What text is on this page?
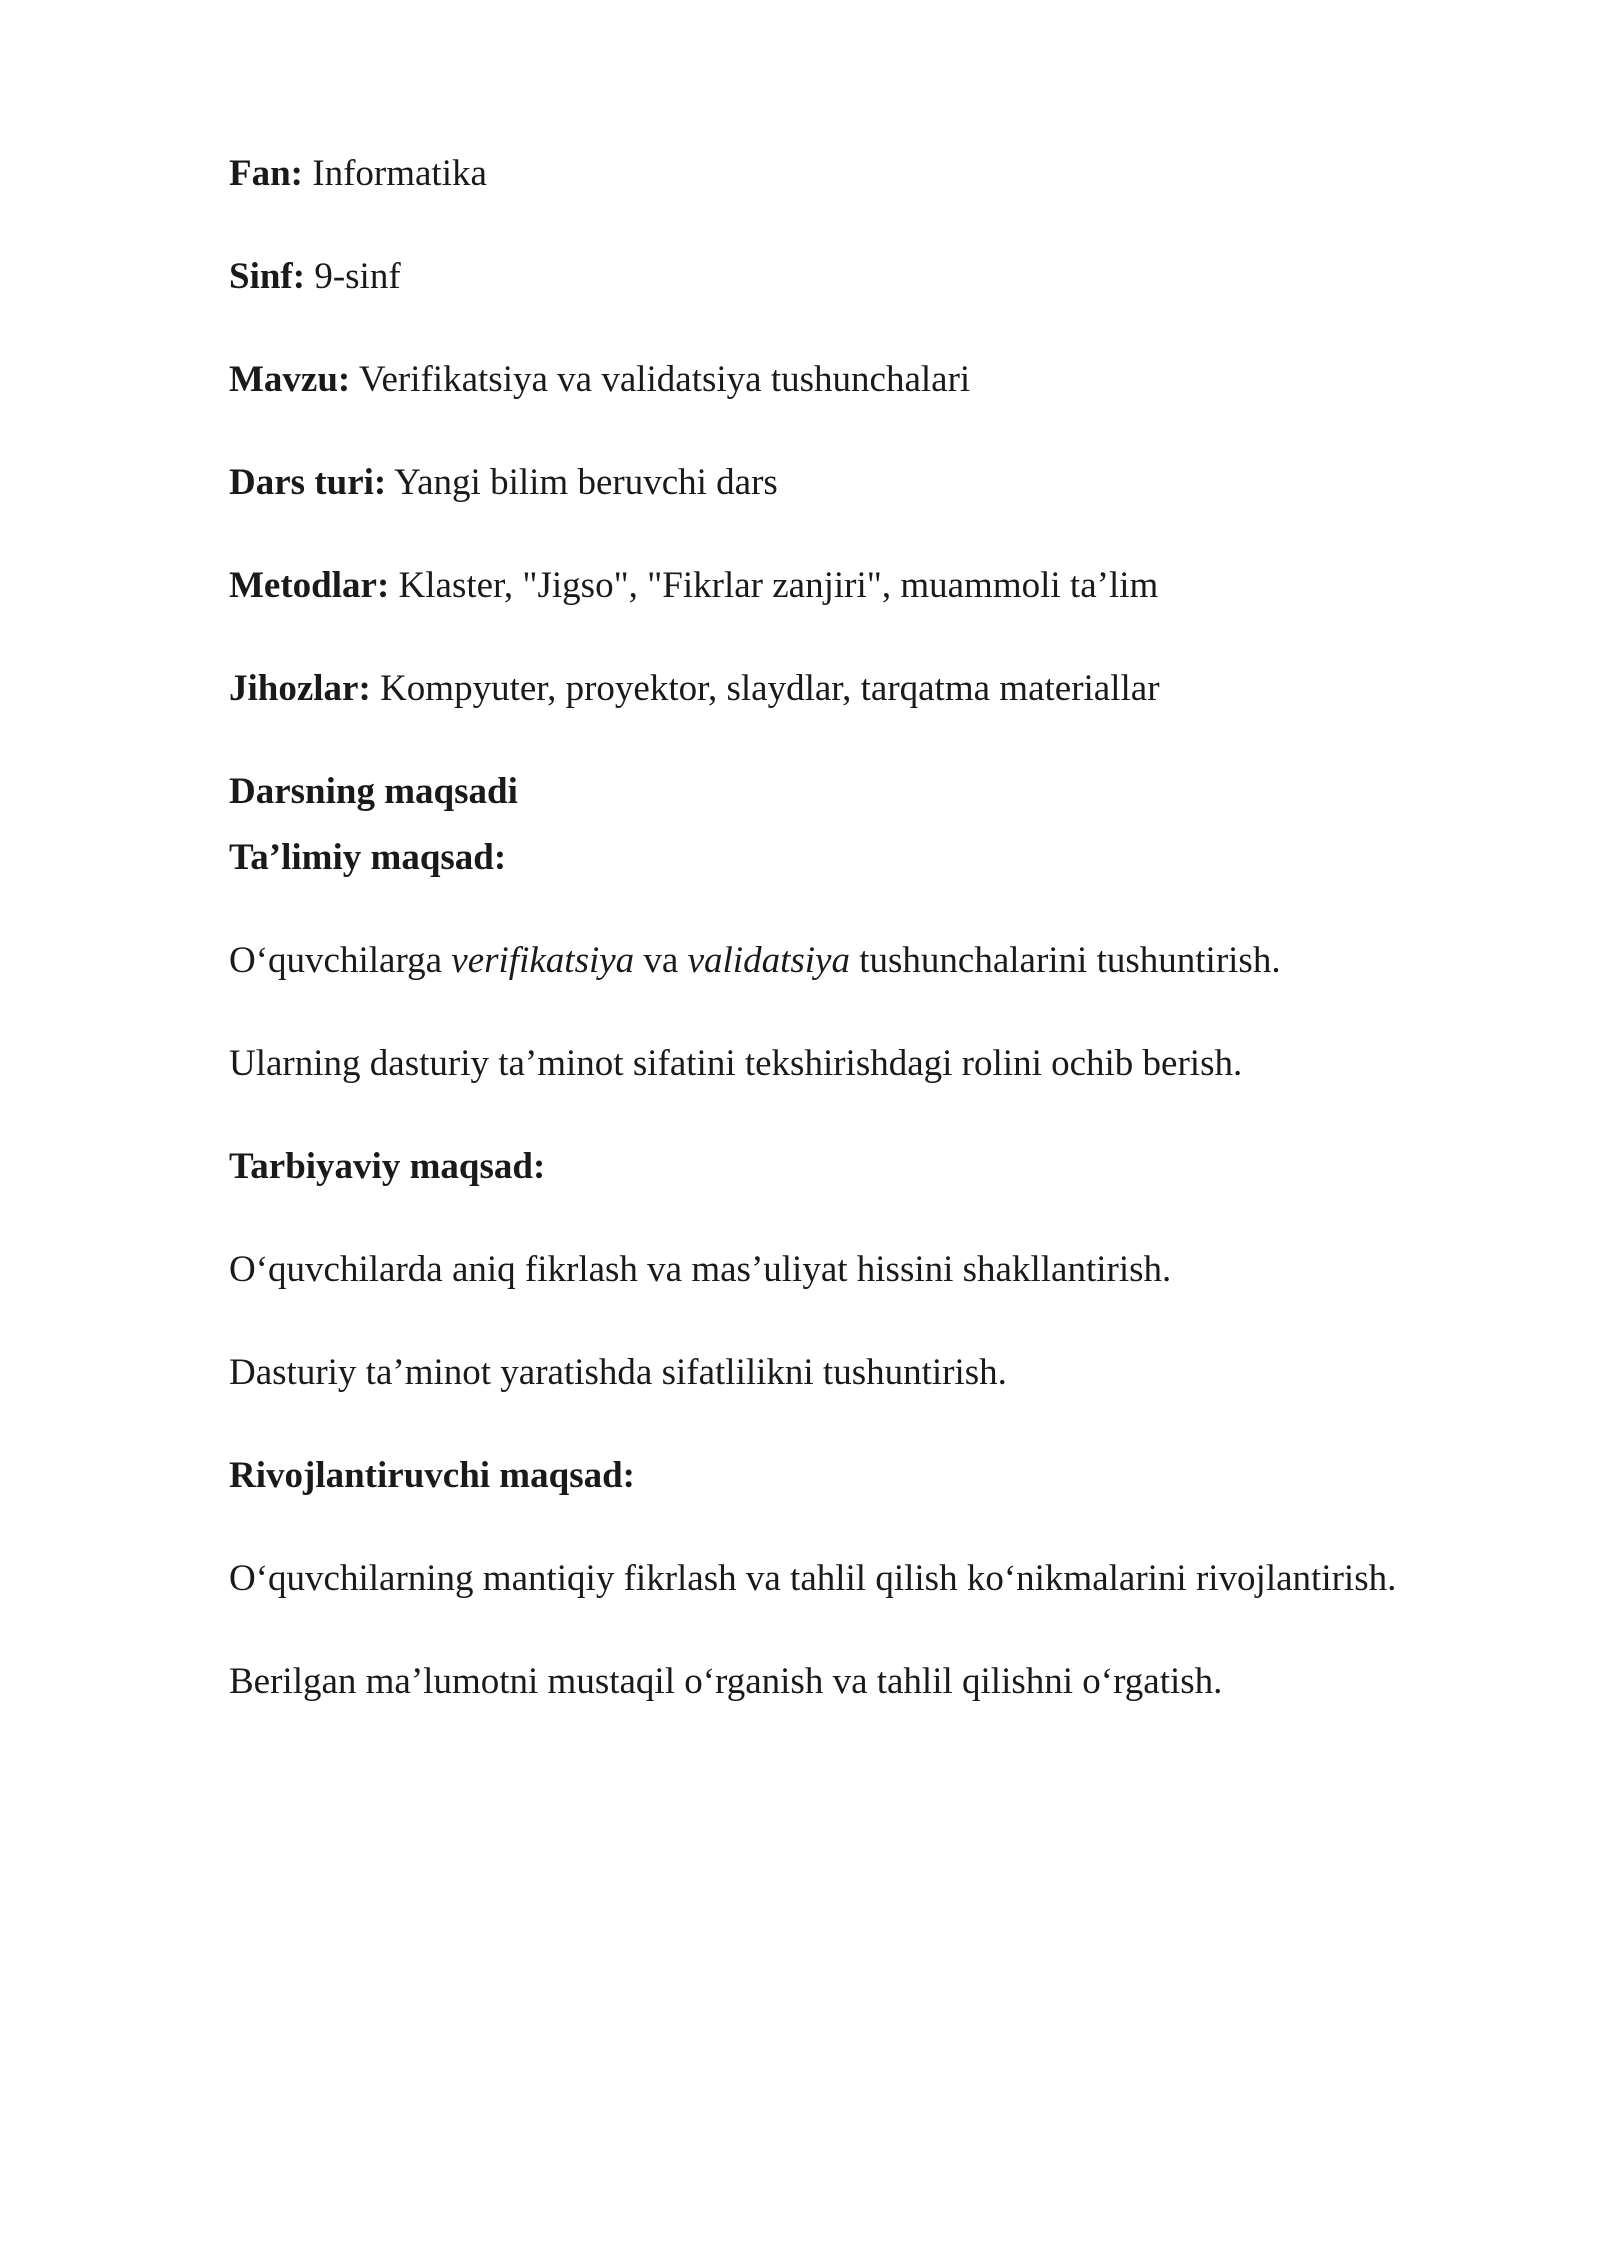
Fan: Informatika
Sinf: 9-sinf
Mavzu: Verifikatsiya va validatsiya tushunchalari
Dars turi: Yangi bilim beruvchi dars
Metodlar: Klaster, "Jigso", "Fikrlar zanjiri", muammoli ta’lim
Jihozlar: Kompyuter, proyektor, slaydlar, tarqatma materiallar
Darsning maqsadi
Ta’limiy maqsad:
O‘quvchilarga verifikatsiya va validatsiya tushunchalarini tushuntirish.
Ularning dasturiy ta’minot sifatini tekshirishdagi rolini ochib berish.
Tarbiyaviy maqsad:
O‘quvchilarda aniq fikrlash va mas’uliyat hissini shakllantirish.
Dasturiy ta’minot yaratishda sifatlilikni tushuntirish.
Rivojlantiruvchi maqsad:
O‘quvchilarning mantiqiy fikrlash va tahlil qilish ko‘nikmalarini rivojlantirish.
Berilgan ma’lumotni mustaqil o‘rganish va tahlil qilishni o‘rgatish.
